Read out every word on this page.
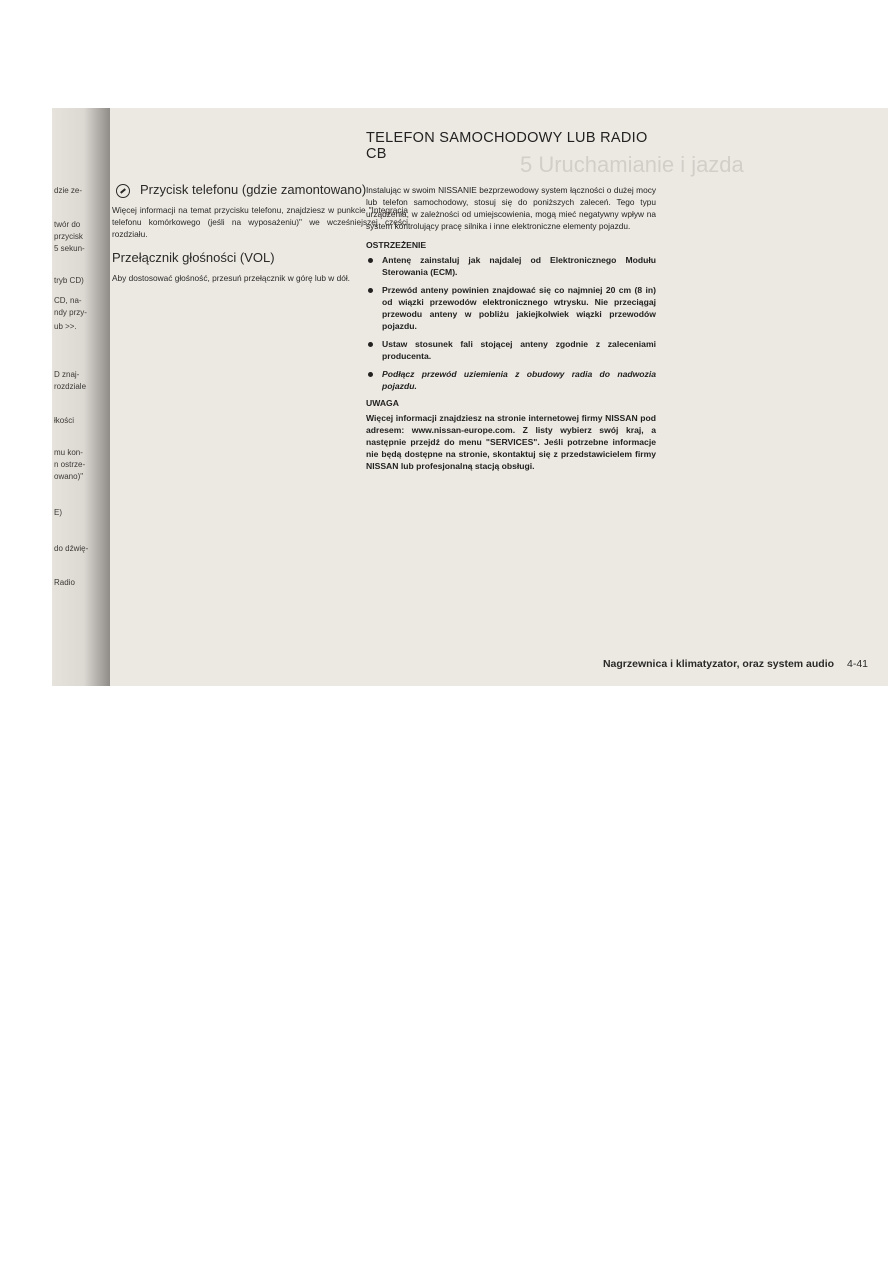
dzie ze-
twór do
przycisk
5 sekun-
tryb CD)
CD, na-
ndy przy-
ub >>.
D znaj-
rozdziale
łkości
mu kon-
n ostrze-
owano)"
E)
do dźwię-
Radio
5 Uruchamianie i jazda
Przycisk telefonu (gdzie zamontowano)

Więcej informacji na temat przycisku telefonu, znajdziesz w punkcie "Integracja telefonu komórkowego (jeśli na wyposażeniu)" we wcześniejszej części rozdziału.

Przełącznik głośności (VOL)

Aby dostosować głośność, przesuń przełącznik w górę lub w dół.

TELEFON SAMOCHODOWY LUB RADIO CB

Instalując w swoim NISSANIE bezprzewodowy system łączności o dużej mocy lub telefon samochodowy, stosuj się do poniższych zaleceń. Tego typu urządzenia, w zależności od umiejscowienia, mogą mieć negatywny wpływ na system kontrolujący pracę silnika i inne elektroniczne elementy pojazdu.

OSTRZEŻENIE
Antenę zainstaluj jak najdalej od Elektronicznego Modułu Sterowania (ECM).
Przewód anteny powinien znajdować się co najmniej 20 cm (8 in) od wiązki przewodów elektronicznego wtrysku. Nie przeciągaj przewodu anteny w pobliżu jakiejkolwiek wiązki przewodów pojazdu.
Ustaw stosunek fali stojącej anteny zgodnie z zaleceniami producenta.
Podłącz przewód uziemienia z obudowy radia do nadwozia pojazdu.
UWAGA

Więcej informacji znajdziesz na stronie internetowej firmy NISSAN pod adresem: www.nissan-europe.com. Z listy wybierz swój kraj, a następnie przejdź do menu "SERVICES". Jeśli potrzebne informacje nie będą dostępne na stronie, skontaktuj się z przedstawicielem firmy NISSAN lub profesjonalną stacją obsługi.

Nagrzewnica i klimatyzator, oraz system audio 4-41
